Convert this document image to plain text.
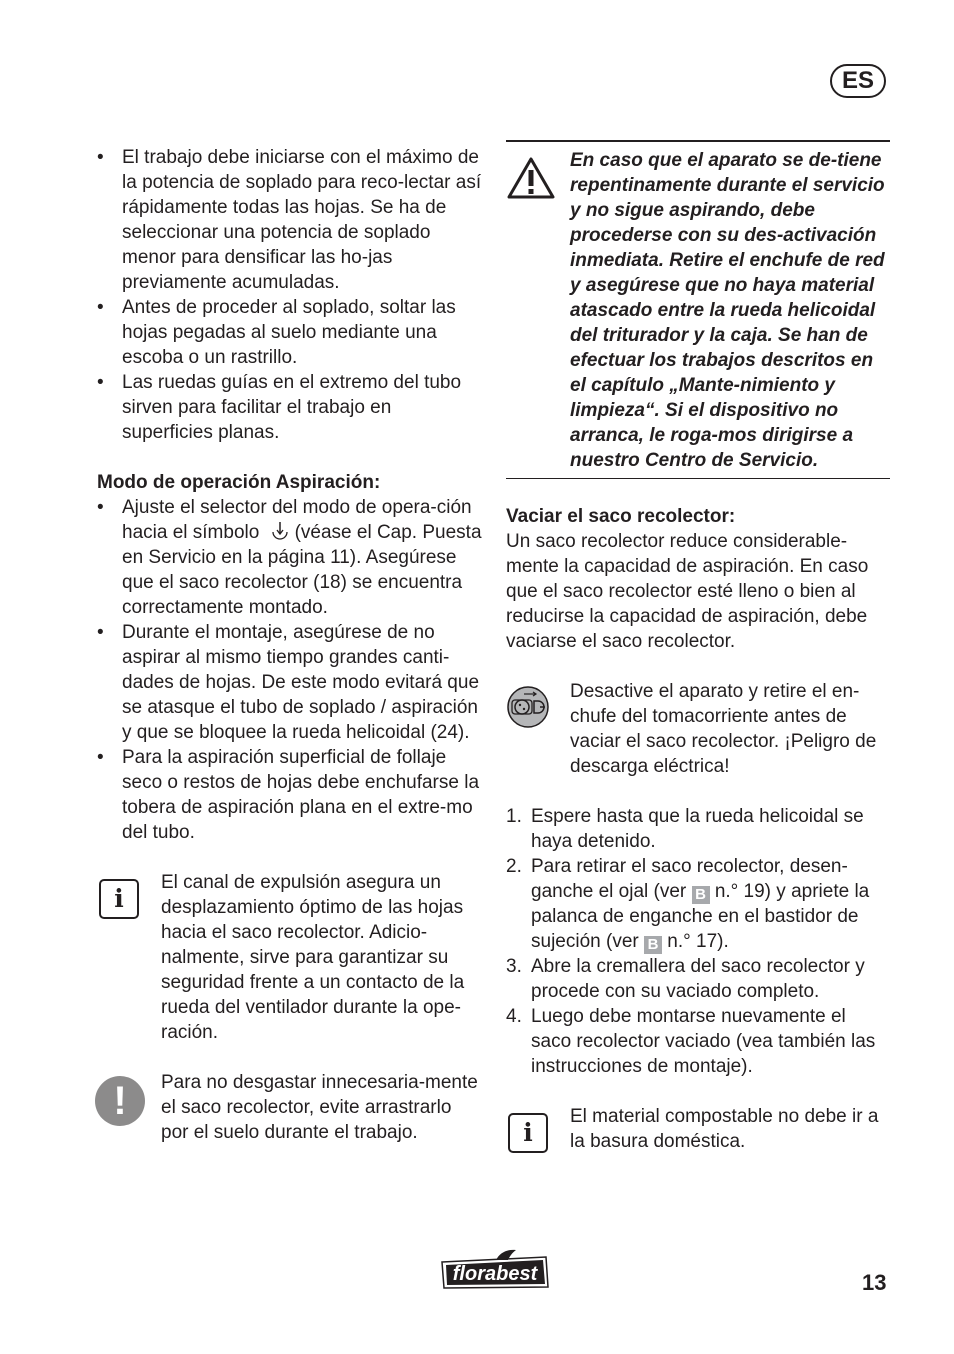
ES
• El trabajo debe iniciarse con el máximo de la potencia de soplado para reco-lectar así rápidamente todas las hojas. Se ha de seleccionar una potencia de soplado menor para densificar las ho-jas previamente acumuladas.
• Antes de proceder al soplado, soltar las hojas pegadas al suelo mediante una escoba o un rastrillo.
• Las ruedas guías en el extremo del tubo sirven para facilitar el trabajo en superficies planas.
Modo de operación Aspiración:
• Ajuste el selector del modo de opera-ción hacia el símbolo (véase el Cap. Puesta en Servicio en la página 11). Asegúrese que el saco recolector (18) se encuentra correctamente montado.
• Durante el montaje, asegúrese de no aspirar al mismo tiempo grandes canti-dades de hojas. De este modo evitará que se atasque el tubo de soplado / aspiración y que se bloquee la rueda helicoidal (24).
• Para la aspiración superficial de follaje seco o restos de hojas debe enchufarse la tobera de aspiración plana en el extre-mo del tubo.
i
El canal de expulsión asegura un desplazamiento óptimo de las hojas hacia el saco recolector. Adicio-nalmente, sirve para garantizar su seguridad frente a un contacto de la rueda del ventilador durante la ope-ración.
!	Para no desgastar innecesaria-mente el saco recolector, evite arrastrarlo por el suelo durante el trabajo.
En caso que el aparato se de-tiene repentinamente durante el servicio y no sigue aspirando, debe procederse con su des-activación inmediata. Retire el enchufe de red y asegúrese que no haya material atascado entre la rueda helicoidal del triturador y la caja. Se han de efectuar los trabajos descritos en el capítulo „Mante-nimiento y limpieza“. Si el dispositivo no arranca, le roga-mos dirigirse a nuestro Centro de Servicio.
Vaciar el saco recolector:
Un saco recolector reduce considerable-mente la capacidad de aspiración. En caso que el saco recolector esté lleno o bien al reducirse la capacidad de aspiración, debe vaciarse el saco recolector.
Desactive el aparato y retire el en-chufe del tomacorriente antes de vaciar el saco recolector. ¡Peligro de descarga eléctrica!
1. Espere hasta que la rueda helicoidal se haya detenido.
2. Para retirar el saco recolector, desen-ganche el ojal (ver B n.° 19) y apriete la palanca de enganche en el bastidor de sujeción (ver B n.° 17).
3. Abre la cremallera del saco recolector y procede con su vaciado completo.
4. Luego debe montarse nuevamente el saco recolector vaciado (vea también las instrucciones de montaje).
i
El material compostable no debe ir a la basura doméstica.
florabest	13
